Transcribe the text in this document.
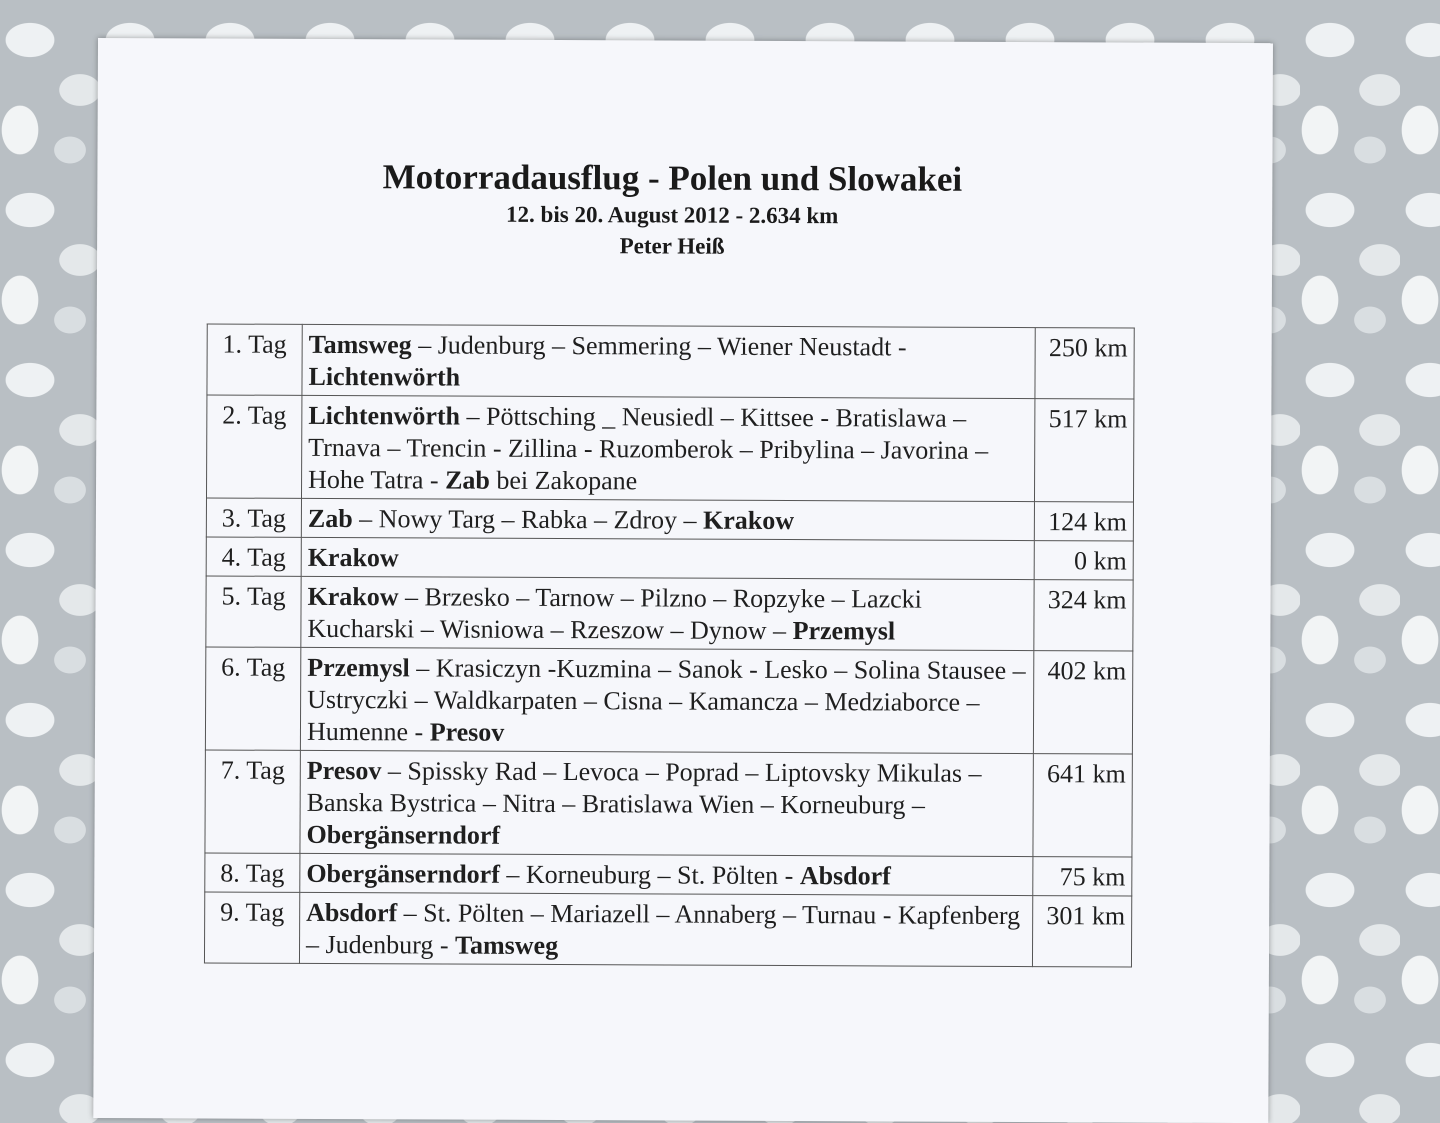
Motorradausflug - Polen und Slowakei
12. bis 20. August 2012 - 2.634 km
Peter Heiß
1. Tag	Tamsweg – Judenburg – Semmering – Wiener Neustadt - Lichtenwörth	250 km
2. Tag	Lichtenwörth – Pöttsching _ Neusiedl – Kittsee - Bratislawa – Trnava – Trencin - Zillina - Ruzomberok – Pribylina – Javorina – Hohe Tatra - Zab bei Zakopane	517 km
3. Tag	Zab – Nowy Targ – Rabka – Zdroy – Krakow	124 km
4. Tag	Krakow	0 km
5. Tag	Krakow – Brzesko – Tarnow – Pilzno – Ropzyke – Lazcki Kucharski – Wisniowa – Rzeszow – Dynow – Przemysl	324 km
6. Tag	Przemysl – Krasiczyn -Kuzmina – Sanok - Lesko – Solina Stausee – Ustryczki – Waldkarpaten – Cisna – Kamancza – Medziaborce – Humenne - Presov	402 km
7. Tag	Presov – Spissky Rad – Levoca – Poprad – Liptovsky Mikulas – Banska Bystrica – Nitra – Bratislawa Wien – Korneuburg – Obergänserndorf	641 km
8. Tag	Obergänserndorf – Korneuburg – St. Pölten - Absdorf	75 km
9. Tag	Absdorf – St. Pölten – Mariazell – Annaberg – Turnau - Kapfenberg – Judenburg - Tamsweg	301 km
